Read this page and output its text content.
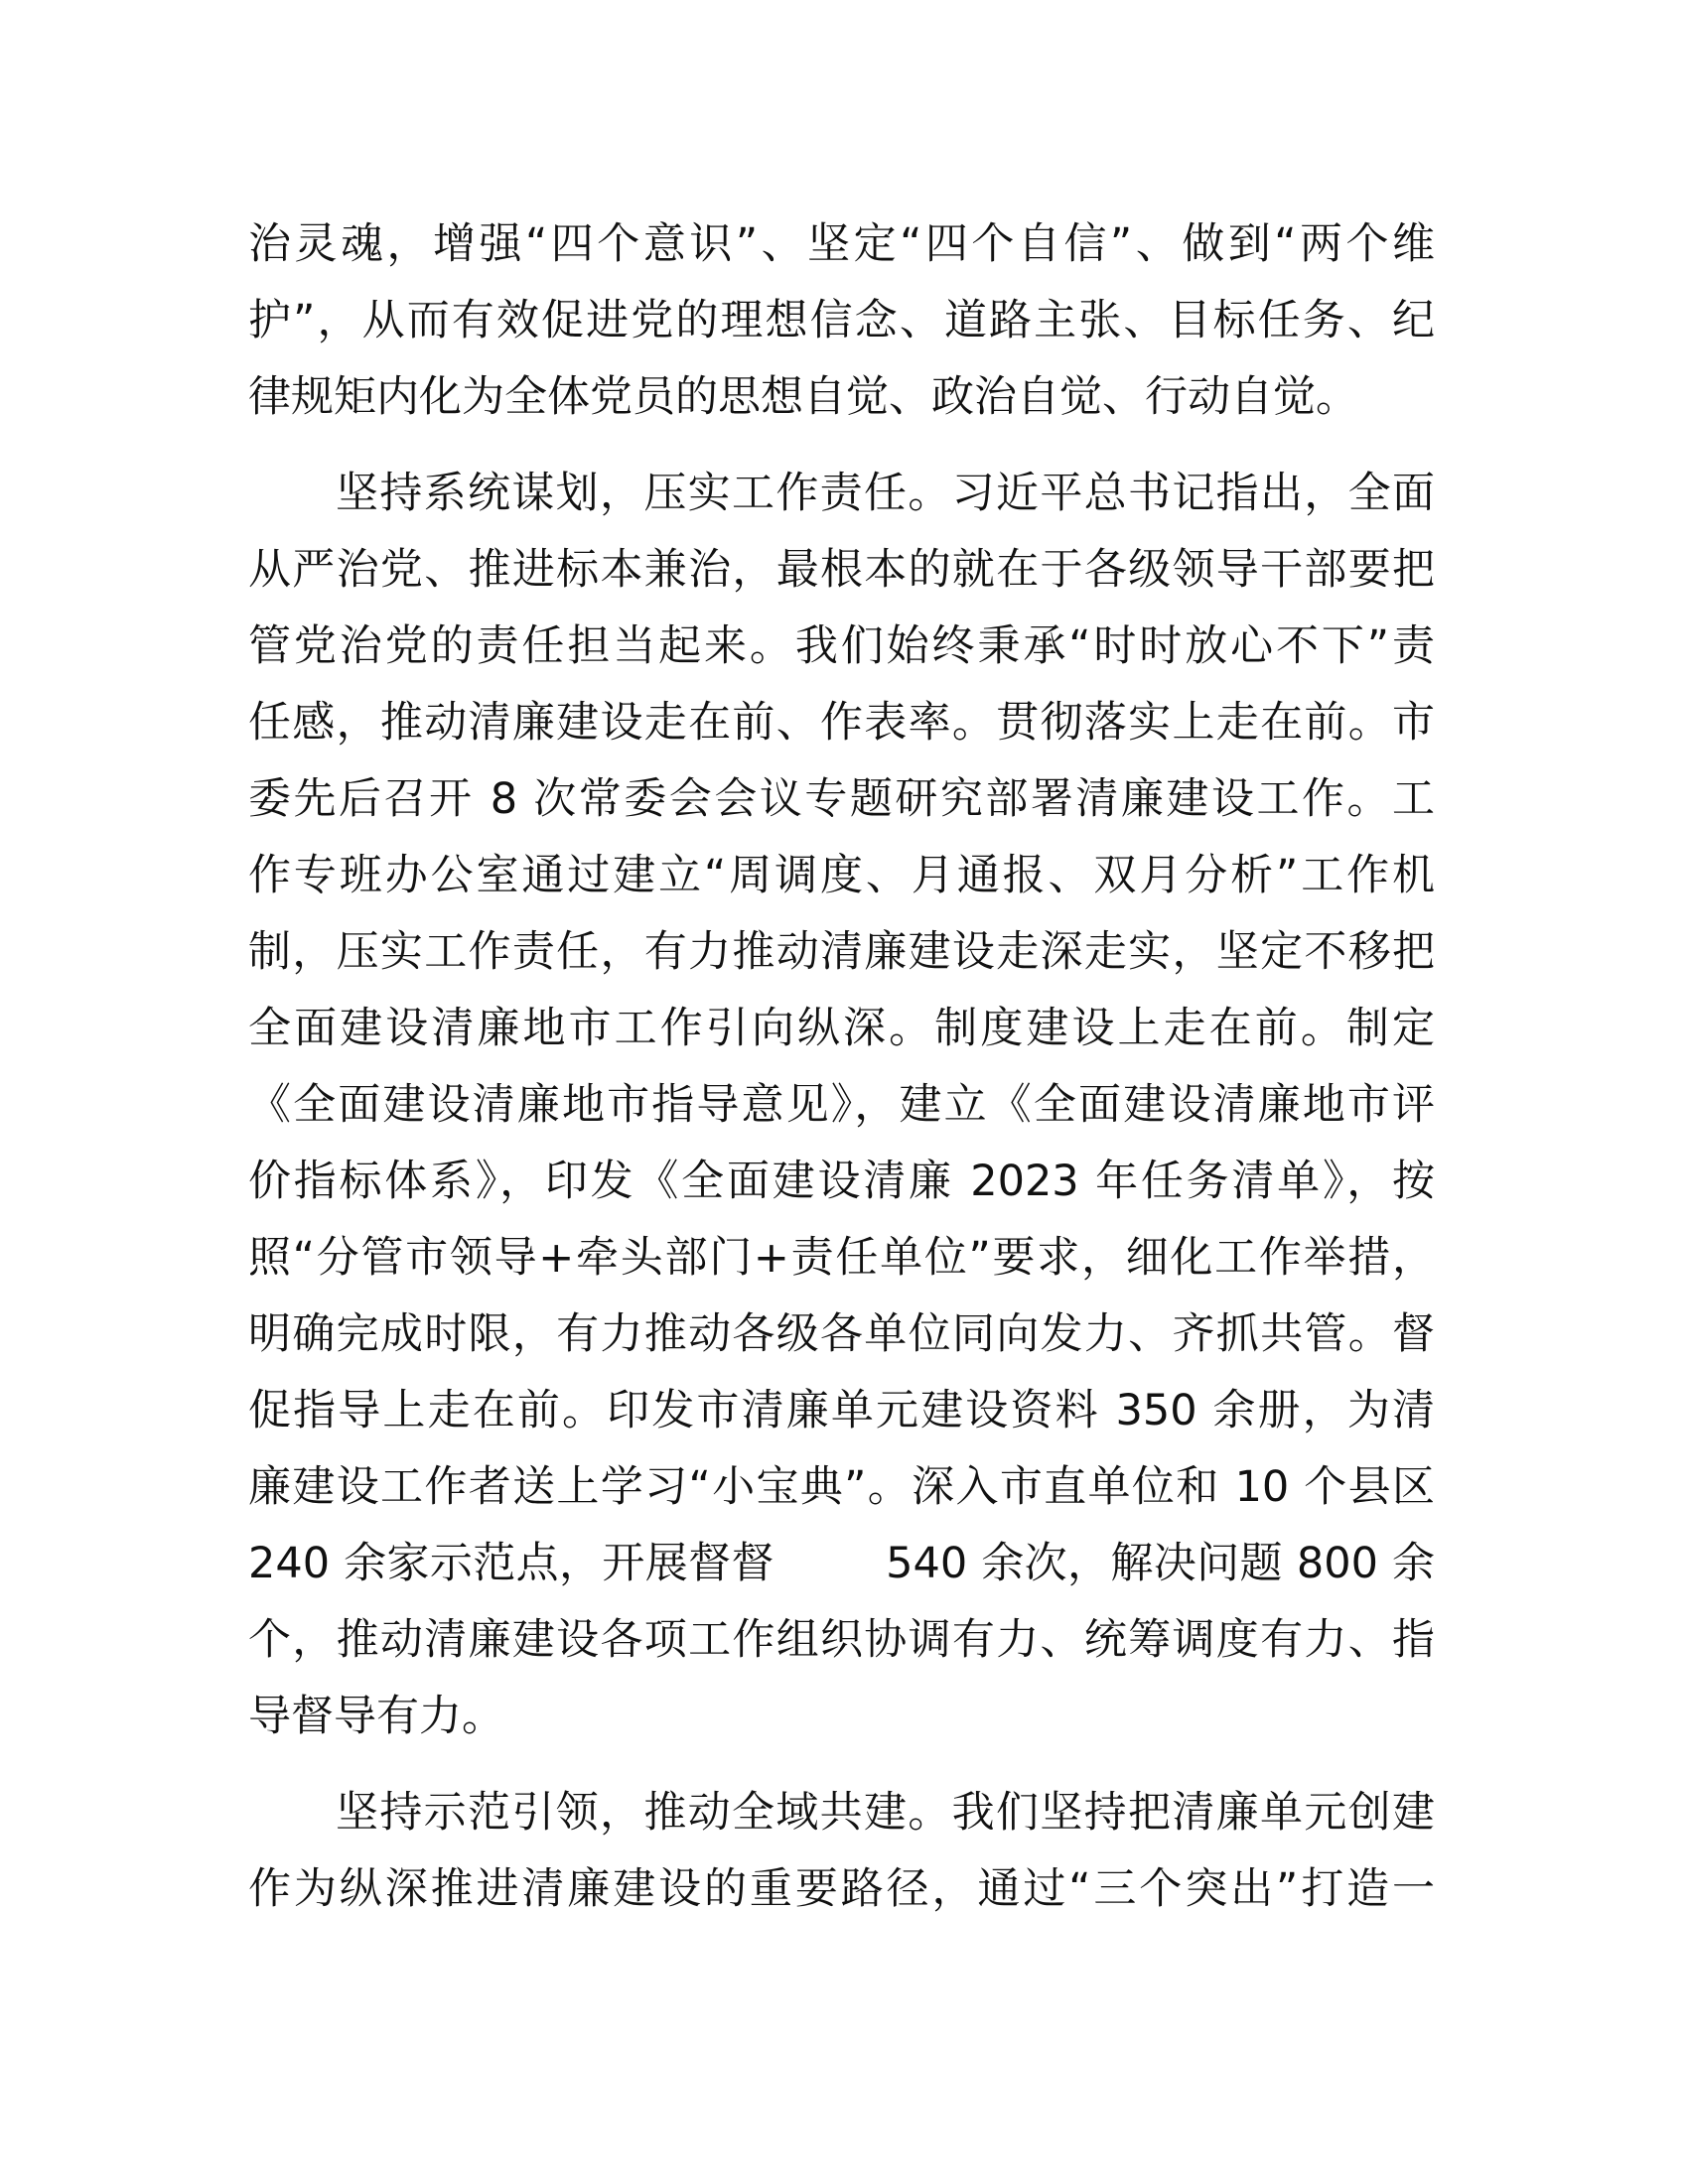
治灵魂，增强“四个意识”、坚定“四个自信”、做到“两个维
护”，从而有效促进党的理想信念、道路主张、目标任务、纪
律规矩内化为全体党员的思想自觉、政治自觉、行动自觉。
坚持系统谋划，压实工作责任。习近平总书记指出，全面
从严治党、推进标本兼治，最根本的就在于各级领导干部要把
管党治党的责任担当起来。我们始终秉承“时时放心不下”责
任感，推动清廉建设走在前、作表率。贯彻落实上走在前。市
委先后召开 8 次常委会会议专题研究部署清廉建设工作。工
作专班办公室通过建立“周调度、月通报、双月分析”工作机
制，压实工作责任，有力推动清廉建设走深走实，坚定不移把
全面建设清廉地市工作引向纵深。制度建设上走在前。制定
《全面建设清廉地市指导意见》，建立《全面建设清廉地市评
价指标体系》，印发《全面建设清廉 2023 年任务清单》，按
照“分管市领导+牵头部门+责任单位”要求，细化工作举措，
明确完成时限，有力推动各级各单位同向发力、齐抓共管。督
促指导上走在前。印发市清廉单元建设资料 350 余册，为清
廉建设工作者送上学习“小宝典”。深入市直单位和 10 个县区
240 余家示范点，开展督督        540 余次，解决问题 800 余
个，推动清廉建设各项工作组织协调有力、统筹调度有力、指
导督导有力。
坚持示范引领，推动全域共建。我们坚持把清廉单元创建
作为纵深推进清廉建设的重要路径，通过“三个突出”打造一
